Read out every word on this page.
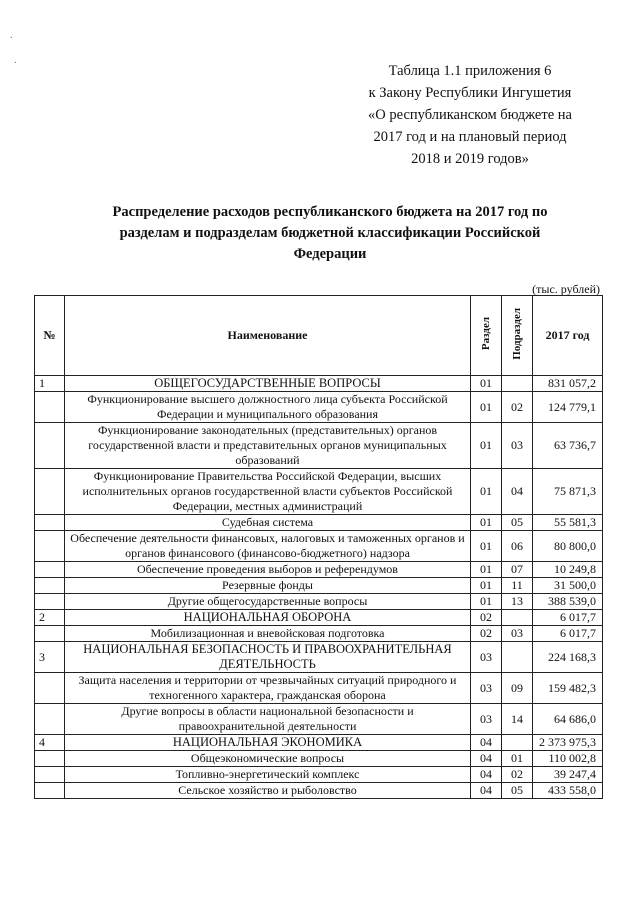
.
.
Таблица 1.1 приложения 6
к Закону Республики Ингушетия
«О республиканском бюджете на
2017 год и на плановый период
2018 и 2019 годов»
Распределение расходов республиканского бюджета на 2017 год по
разделам и подразделам бюджетной классификации Российской
Федерации
(тыс. рублей)
№	Наименование	Раздел	Подраздел	2017 год
1	ОБЩЕГОСУДАРСТВЕННЫЕ ВОПРОСЫ	01		831 057,2
	Функционирование высшего должностного лица субъекта Российской Федерации и муниципального образования	01	02	124 779,1
	Функционирование законодательных (представительных) органов государственной власти и представительных органов муниципальных образований	01	03	63 736,7
	Функционирование Правительства Российской Федерации, высших исполнительных органов государственной власти субъектов Российской Федерации, местных администраций	01	04	75 871,3
	Судебная система	01	05	55 581,3
	Обеспечение деятельности финансовых, налоговых и таможенных органов и органов финансового (финансово-бюджетного) надзора	01	06	80 800,0
	Обеспечение проведения выборов и референдумов	01	07	10 249,8
	Резервные фонды	01	11	31 500,0
	Другие общегосударственные вопросы	01	13	388 539,0
2	НАЦИОНАЛЬНАЯ ОБОРОНА	02		6 017,7
	Мобилизационная и вневойсковая подготовка	02	03	6 017,7
3	НАЦИОНАЛЬНАЯ БЕЗОПАСНОСТЬ И ПРАВООХРАНИТЕЛЬНАЯ ДЕЯТЕЛЬНОСТЬ	03		224 168,3
	Защита населения и территории от чрезвычайных ситуаций природного и техногенного характера, гражданская оборона	03	09	159 482,3
	Другие вопросы в области национальной безопасности и правоохранительной деятельности	03	14	64 686,0
4	НАЦИОНАЛЬНАЯ ЭКОНОМИКА	04		2 373 975,3
	Общеэкономические вопросы	04	01	110 002,8
	Топливно-энергетический комплекс	04	02	39 247,4
	Сельское хозяйство и рыболовство	04	05	433 558,0
